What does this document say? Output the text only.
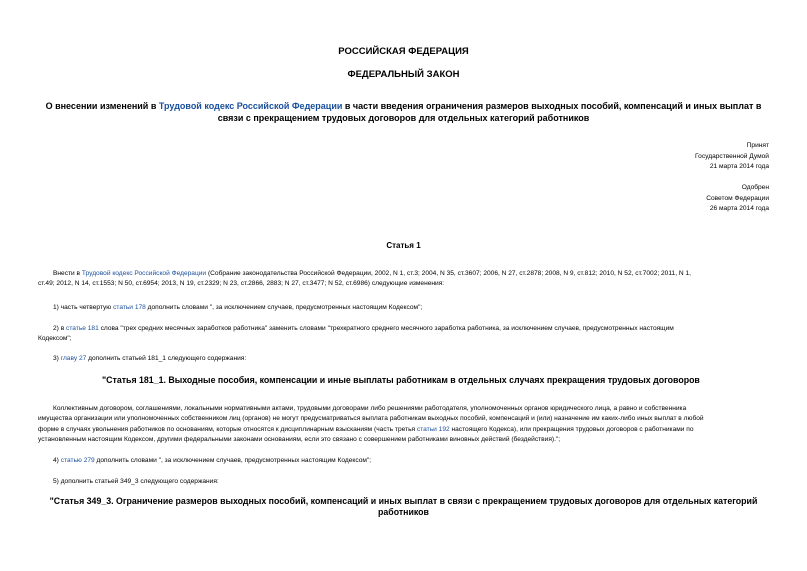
РОССИЙСКАЯ ФЕДЕРАЦИЯ
ФЕДЕРАЛЬНЫЙ ЗАКОН
О внесении изменений в Трудовой кодекс Российской Федерации в части введения ограничения размеров выходных пособий, компенсаций и иных выплат в
связи с прекращением трудовых договоров для отдельных категорий работников
Принят
Государственной Думой
21 марта 2014 года
Одобрен
Советом Федерации
26 марта 2014 года
Статья 1
Внести в Трудовой кодекс Российской Федерации (Собрание законодательства Российской Федерации, 2002, N 1, ст.3; 2004, N 35, ст.3607; 2006, N 27, ст.2878; 2008, N 9, ст.812; 2010, N 52, ст.7002; 2011, N 1,
ст.49; 2012, N 14, ст.1553; N 50, ст.6954; 2013, N 19, ст.2329; N 23, ст.2866, 2883; N 27, ст.3477; N 52, ст.6986) следующие изменения:
1) часть четвертую статьи 178 дополнить словами ", за исключением случаев, предусмотренных настоящим Кодексом";
2) в статье 181 слова "трех средних месячных заработков работника" заменить словами "трехкратного среднего месячного заработка работника, за исключением случаев, предусмотренных настоящим
Кодексом";
3) главу 27 дополнить статьей 181_1 следующего содержания:
"Статья 181_1. Выходные пособия, компенсации и иные выплаты работникам в отдельных случаях прекращения трудовых договоров
Коллективным договором, соглашениями, локальными нормативными актами, трудовыми договорами либо решениями работодателя, уполномоченных органов юридического лица, а равно и собственника
имущества организации или уполномоченных собственником лиц (органов) не могут предусматриваться выплата работникам выходных пособий, компенсаций и (или) назначение им каких-либо иных выплат в любой
форме в случаях увольнения работников по основаниям, которые относятся к дисциплинарным взысканиям (часть третья статьи 192 настоящего Кодекса), или прекращения трудовых договоров с работниками по
установленным настоящим Кодексом, другими федеральными законами основаниям, если это связано с совершением работниками виновных действий (бездействия).";
4) статью 279 дополнить словами ", за исключением случаев, предусмотренных настоящим Кодексом";
5) дополнить статьей 349_3 следующего содержания:
"Статья 349_3. Ограничение размеров выходных пособий, компенсаций и иных выплат в связи с прекращением трудовых договоров для отдельных категорий
работников
